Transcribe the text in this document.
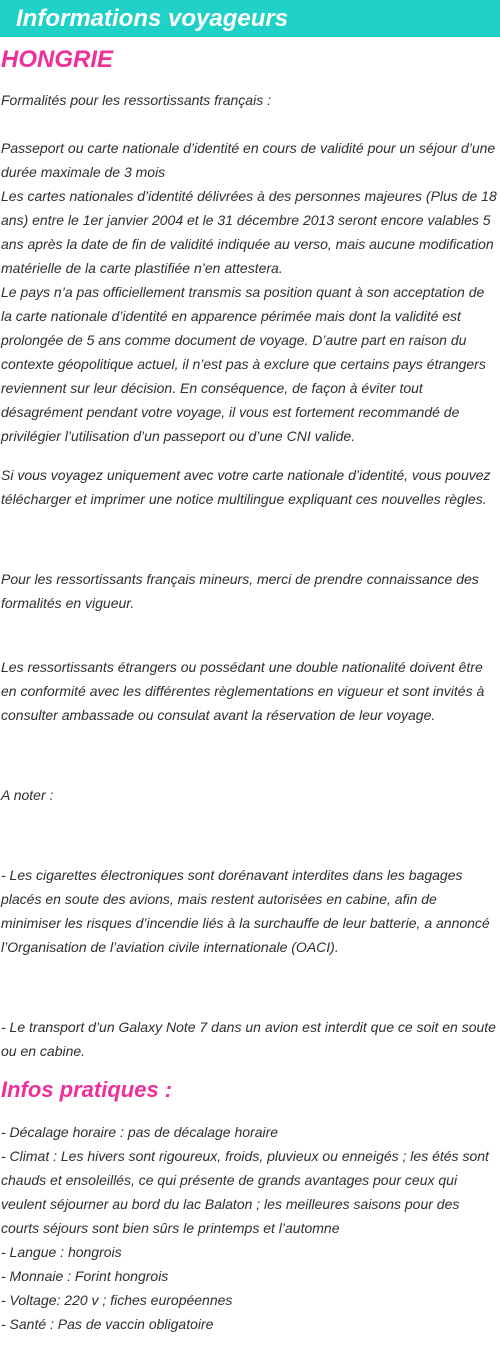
Informations voyageurs
HONGRIE

Formalités pour les ressortissants français :

Passeport ou carte nationale d’identité en cours de validité pour un séjour d’une durée maximale de 3 mois
Les cartes nationales d’identité délivrées à des personnes majeures (Plus de 18 ans) entre le 1er janvier 2004 et le 31 décembre 2013 seront encore valables 5 ans après la date de fin de validité indiquée au verso, mais aucune modification matérielle de la carte plastifiée n’en attestera.
Le pays n’a pas officiellement transmis sa position quant à son acceptation de la carte nationale d’identité en apparence périmée mais dont la validité est prolongée de 5 ans comme document de voyage. D’autre part en raison du contexte géopolitique actuel, il n’est pas à exclure que certains pays étrangers reviennent sur leur décision. En conséquence, de façon à éviter tout désagrément pendant votre voyage, il vous est fortement recommandé de privilégier l’utilisation d’un passeport ou d’une CNI valide.

Si vous voyagez uniquement avec votre carte nationale d’identité, vous pouvez télécharger et imprimer une notice multilingue expliquant ces nouvelles règles.

Pour les ressortissants français mineurs, merci de prendre connaissance des formalités en vigueur.

Les ressortissants étrangers ou possédant une double nationalité doivent être en conformité avec les différentes règlementations en vigueur et sont invités à consulter ambassade ou consulat avant la réservation de leur voyage.

A noter :

- Les cigarettes électroniques sont dorénavant interdites dans les bagages placés en soute des avions, mais restent autorisées en cabine, afin de minimiser les risques d’incendie liés à la surchauffe de leur batterie, a annoncé l’Organisation de l’aviation civile internationale (OACI).

- Le transport d’un Galaxy Note 7 dans un avion est interdit que ce soit en soute ou en cabine.

Infos pratiques :
- Décalage horaire : pas de décalage horaire
- Climat : Les hivers sont rigoureux, froids, pluvieux ou enneigés ; les étés sont chauds et ensoleillés, ce qui présente de grands avantages pour ceux qui veulent séjourner au bord du lac Balaton ; les meilleures saisons pour des courts séjours sont bien sûrs le printemps et l’automne
- Langue : hongrois
- Monnaie : Forint hongrois
- Voltage: 220 v ; fiches européennes
- Santé : Pas de vaccin obligatoire
